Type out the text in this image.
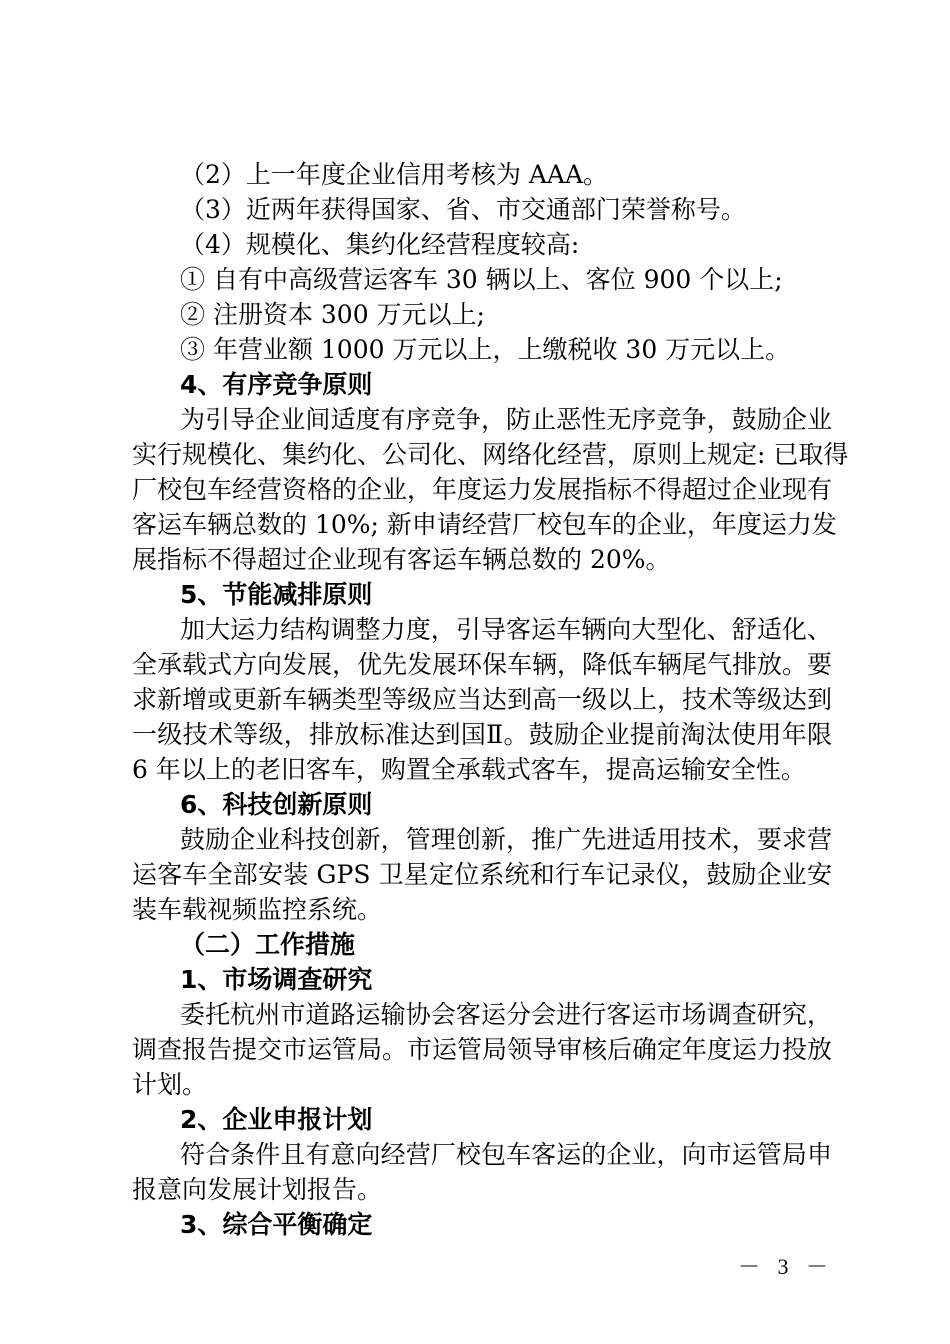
（2）上一年度企业信用考核为 AAA。
（3）近两年获得国家、省、市交通部门荣誉称号。
（4）规模化、集约化经营程度较高:
① 自有中高级营运客车 30 辆以上、客位 900 个以上;
② 注册资本 300 万元以上;
③ 年营业额 1000 万元以上，上缴税收 30 万元以上。
4、有序竞争原则
为引导企业间适度有序竞争，防止恶性无序竞争，鼓励企业
实行规模化、集约化、公司化、网络化经营，原则上规定: 已取得
厂校包车经营资格的企业，年度运力发展指标不得超过企业现有
客运车辆总数的 10%; 新申请经营厂校包车的企业，年度运力发
展指标不得超过企业现有客运车辆总数的 20%。
5、节能减排原则
加大运力结构调整力度，引导客运车辆向大型化、舒适化、
全承载式方向发展，优先发展环保车辆，降低车辆尾气排放。要
求新增或更新车辆类型等级应当达到高一级以上，技术等级达到
一级技术等级，排放标准达到国Ⅱ。鼓励企业提前淘汰使用年限
6 年以上的老旧客车，购置全承载式客车，提高运输安全性。
6、科技创新原则
鼓励企业科技创新，管理创新，推广先进适用技术，要求营
运客车全部安装 GPS 卫星定位系统和行车记录仪，鼓励企业安
装车载视频监控系统。
（二）工作措施
1、市场调查研究
委托杭州市道路运输协会客运分会进行客运市场调查研究，
调查报告提交市运管局。市运管局领导审核后确定年度运力投放
计划。
2、企业申报计划
符合条件且有意向经营厂校包车客运的企业，向市运管局申
报意向发展计划报告。
3、综合平衡确定
－ 3 －
